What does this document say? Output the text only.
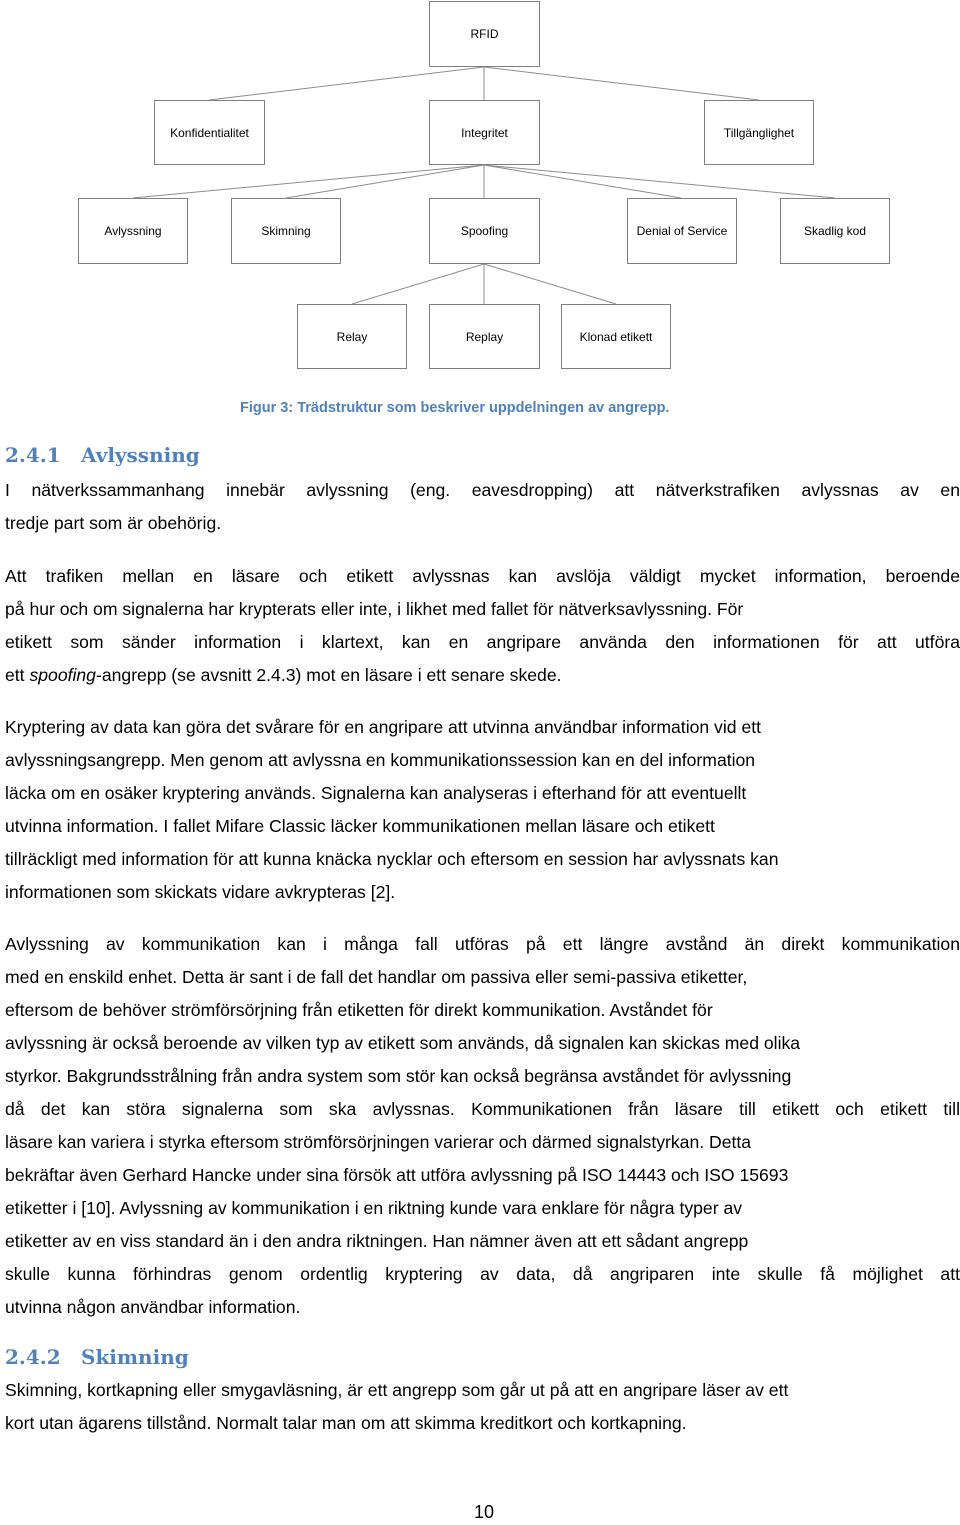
RFID
Konfidentialitet	Integritet	Tillgänglighet
Avlyssning	Skimning	Spoofing	Denial of Service	Skadlig kod
Relay	Replay	Klonad etikett
Figur 3: Trädstruktur som beskriver uppdelningen av angrepp.
2.4.1 Avlyssning
I nätverkssammanhang innebär avlyssning (eng. eavesdropping) att nätverkstrafiken avlyssnas av en
tredje part som är obehörig.
Att trafiken mellan en läsare och etikett avlyssnas kan avslöja väldigt mycket information, beroende
på hur och om signalerna har krypterats eller inte, i likhet med fallet för nätverksavlyssning. För
etikett som sänder information i klartext, kan en angripare använda den informationen för att utföra
ett spoofing-angrepp (se avsnitt 2.4.3) mot en läsare i ett senare skede.
Kryptering av data kan göra det svårare för en angripare att utvinna användbar information vid ett
avlyssningsangrepp. Men genom att avlyssna en kommunikationssession kan en del information
läcka om en osäker kryptering används. Signalerna kan analyseras i efterhand för att eventuellt
utvinna information. I fallet Mifare Classic läcker kommunikationen mellan läsare och etikett
tillräckligt med information för att kunna knäcka nycklar och eftersom en session har avlyssnats kan
informationen som skickats vidare avkrypteras [2].
Avlyssning av kommunikation kan i många fall utföras på ett längre avstånd än direkt kommunikation
med en enskild enhet. Detta är sant i de fall det handlar om passiva eller semi-passiva etiketter,
eftersom de behöver strömförsörjning från etiketten för direkt kommunikation. Avståndet för
avlyssning är också beroende av vilken typ av etikett som används, då signalen kan skickas med olika
styrkor. Bakgrundsstrålning från andra system som stör kan också begränsa avståndet för avlyssning
då det kan störa signalerna som ska avlyssnas. Kommunikationen från läsare till etikett och etikett till
läsare kan variera i styrka eftersom strömförsörjningen varierar och därmed signalstyrkan. Detta
bekräftar även Gerhard Hancke under sina försök att utföra avlyssning på ISO 14443 och ISO 15693
etiketter i [10]. Avlyssning av kommunikation i en riktning kunde vara enklare för några typer av
etiketter av en viss standard än i den andra riktningen. Han nämner även att ett sådant angrepp
skulle kunna förhindras genom ordentlig kryptering av data, då angriparen inte skulle få möjlighet att
utvinna någon användbar information.
2.4.2 Skimning
Skimning, kortkapning eller smygavläsning, är ett angrepp som går ut på att en angripare läser av ett
kort utan ägarens tillstånd. Normalt talar man om att skimma kreditkort och kortkapning.
10
